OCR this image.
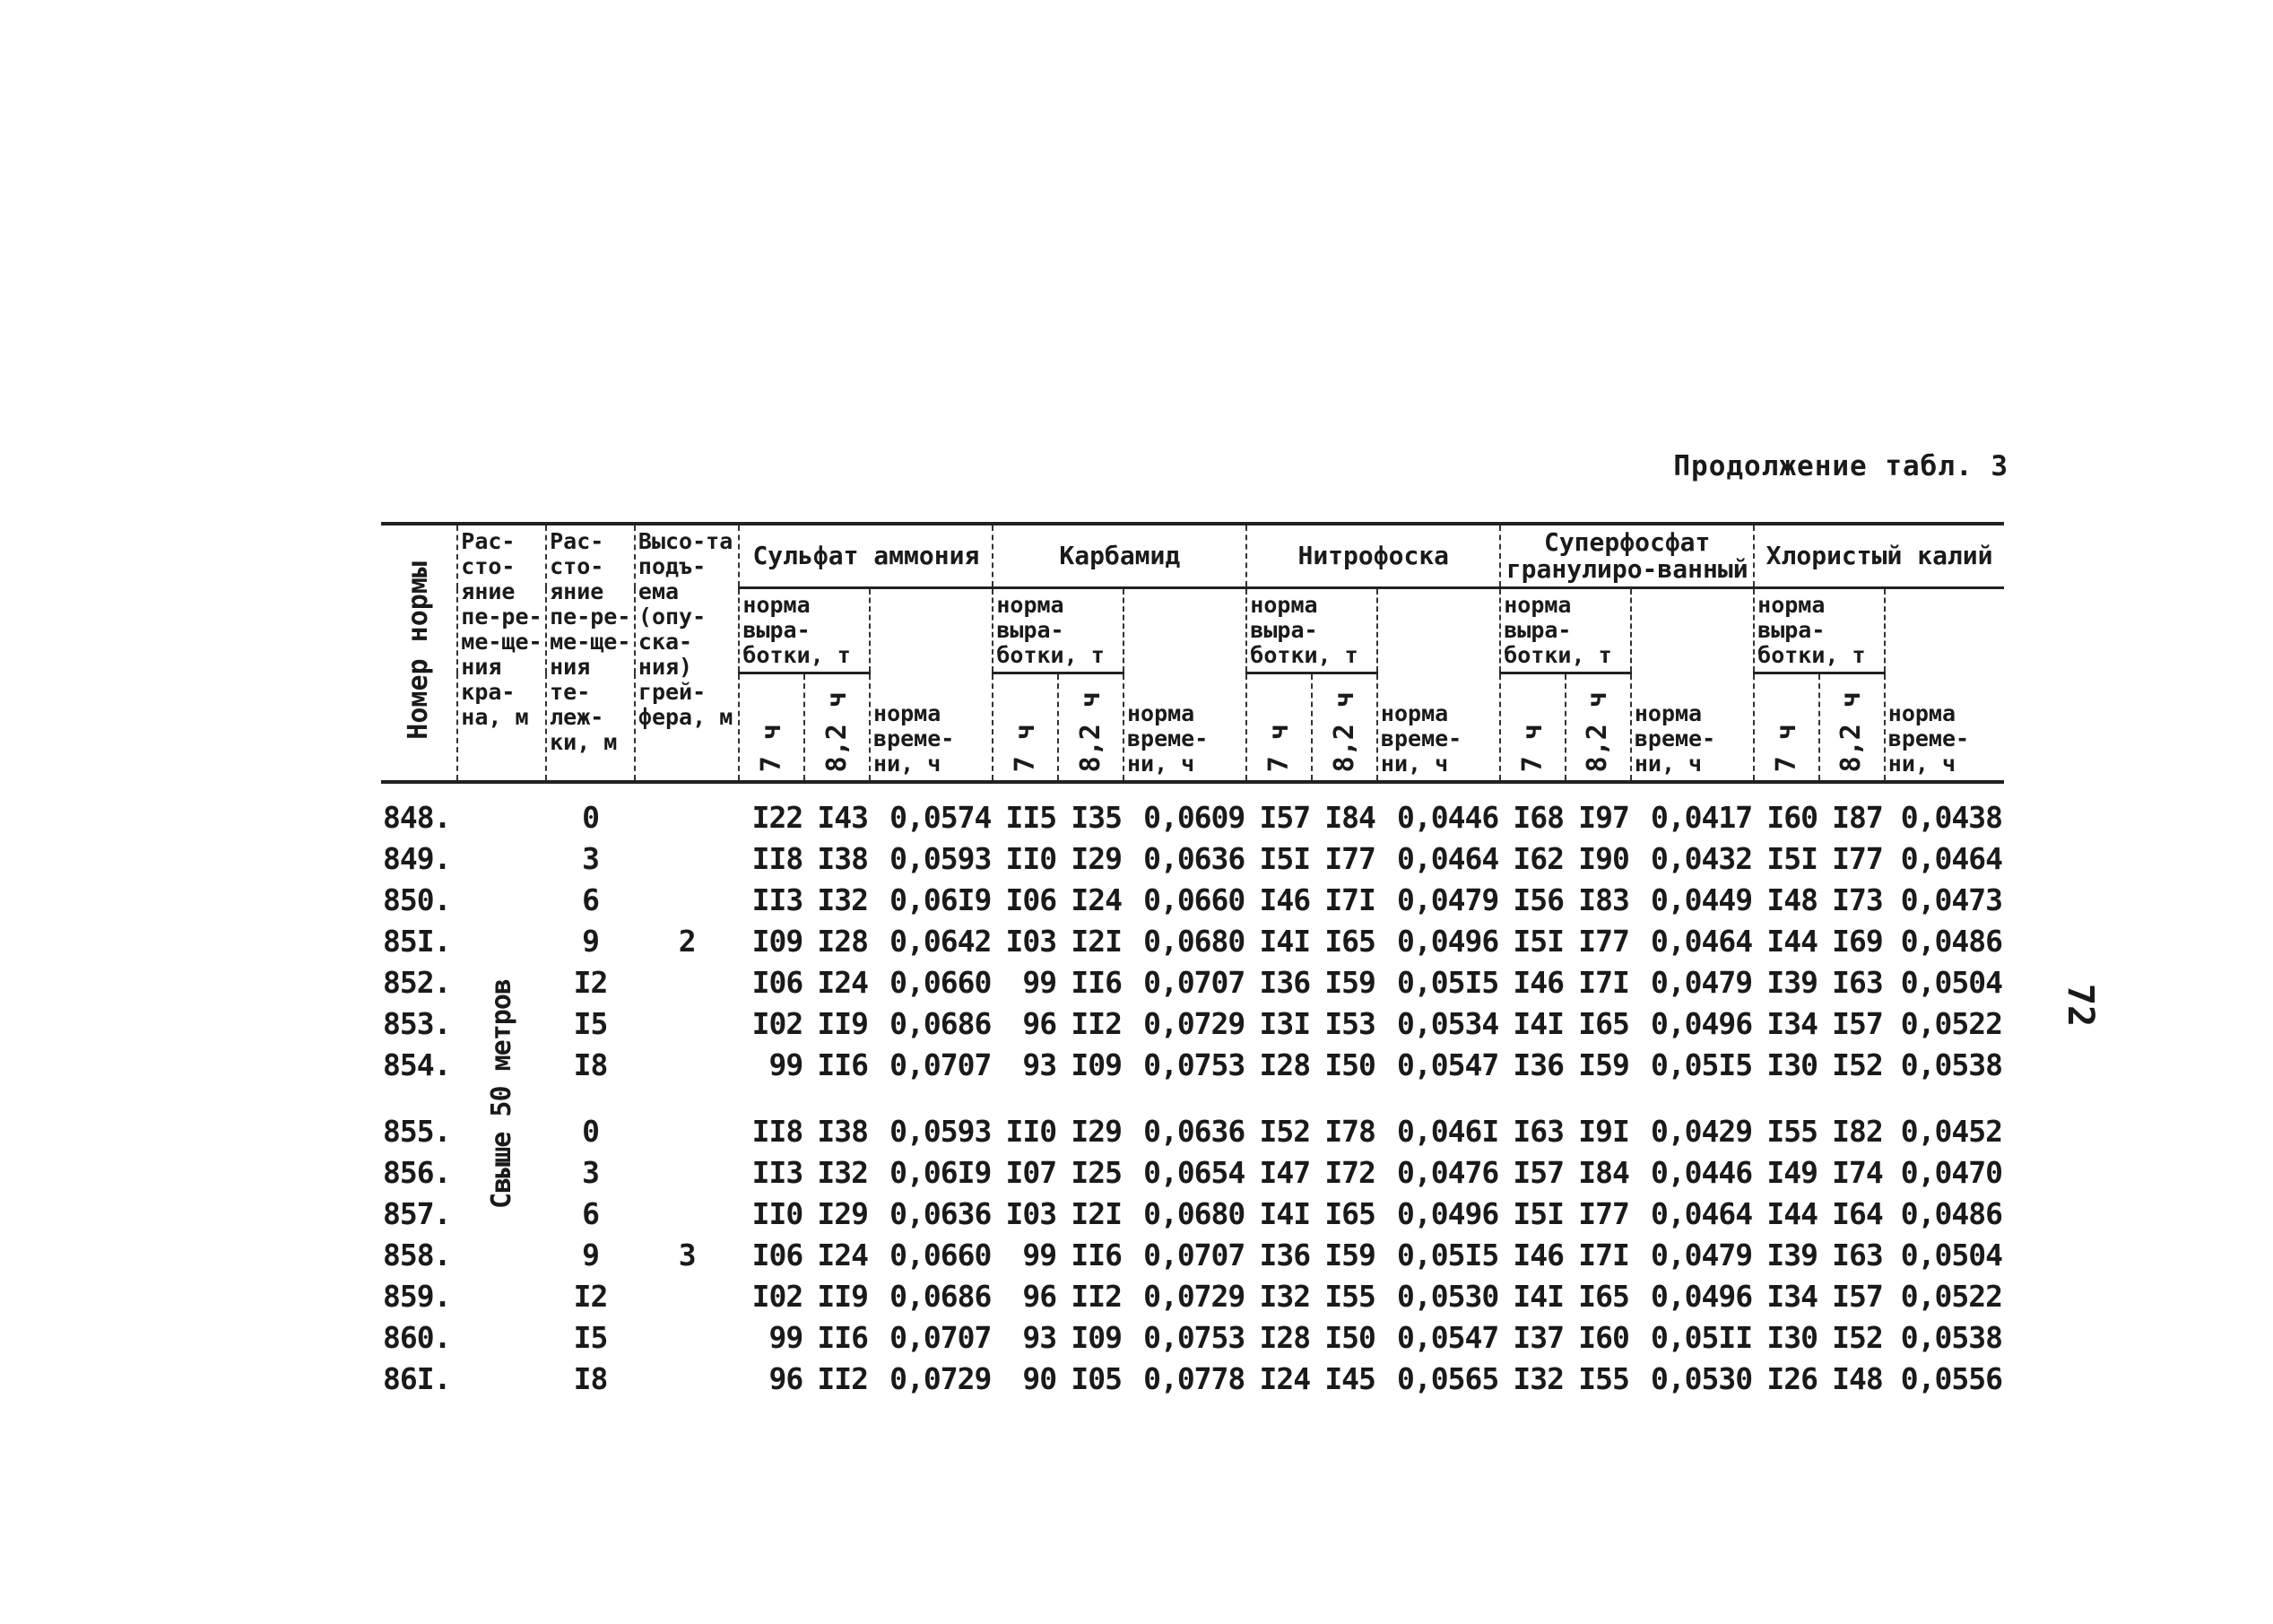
Продолжение табл. 3
72
Номер нормы	Рас-сто-яние пе-ре-ме-ще-ния кра-на, м	Рас-сто-яние пе-ре-ме-ще-ния те-леж-ки, м	Высо-та подъ-ема (опу-ска-ния) грей-фера, м	Сульфат аммония			Карбамид			Нитрофоска			Суперфосфат гранулиро-ванный			Хлористый калий		
				норма выра-ботки, т		норма време-ни, ч	норма выра-ботки, т		норма време-ни, ч	норма выра-ботки, т		норма време-ни, ч	норма выра-ботки, т		норма време-ни, ч	норма выра-ботки, т		норма време-ни, ч
				7 ч	8,2 ч		7 ч	8,2 ч		7 ч	8,2 ч		7 ч	8,2 ч		7 ч	8,2 ч	
848.	Свыше 50 метров	0		I22	I43	0,0574	II5	I35	0,0609	I57	I84	0,0446	I68	I97	0,0417	I60	I87	0,0438
849.		3		II8	I38	0,0593	II0	I29	0,0636	I5I	I77	0,0464	I62	I90	0,0432	I5I	I77	0,0464
850.		6		II3	I32	0,06I9	I06	I24	0,0660	I46	I7I	0,0479	I56	I83	0,0449	I48	I73	0,0473
85I.		9	2	I09	I28	0,0642	I03	I2I	0,0680	I4I	I65	0,0496	I5I	I77	0,0464	I44	I69	0,0486
852.		I2		I06	I24	0,0660	99	II6	0,0707	I36	I59	0,05I5	I46	I7I	0,0479	I39	I63	0,0504
853.		I5		I02	II9	0,0686	96	II2	0,0729	I3I	I53	0,0534	I4I	I65	0,0496	I34	I57	0,0522
854.		I8		99	II6	0,0707	93	I09	0,0753	I28	I50	0,0547	I36	I59	0,05I5	I30	I52	0,0538

855.		0		II8	I38	0,0593	II0	I29	0,0636	I52	I78	0,046I	I63	I9I	0,0429	I55	I82	0,0452
856.		3		II3	I32	0,06I9	I07	I25	0,0654	I47	I72	0,0476	I57	I84	0,0446	I49	I74	0,0470
857.		6		II0	I29	0,0636	I03	I2I	0,0680	I4I	I65	0,0496	I5I	I77	0,0464	I44	I64	0,0486
858.		9	3	I06	I24	0,0660	99	II6	0,0707	I36	I59	0,05I5	I46	I7I	0,0479	I39	I63	0,0504
859.		I2		I02	II9	0,0686	96	II2	0,0729	I32	I55	0,0530	I4I	I65	0,0496	I34	I57	0,0522
860.		I5		99	II6	0,0707	93	I09	0,0753	I28	I50	0,0547	I37	I60	0,05II	I30	I52	0,0538
86I.		I8		96	II2	0,0729	90	I05	0,0778	I24	I45	0,0565	I32	I55	0,0530	I26	I48	0,0556
